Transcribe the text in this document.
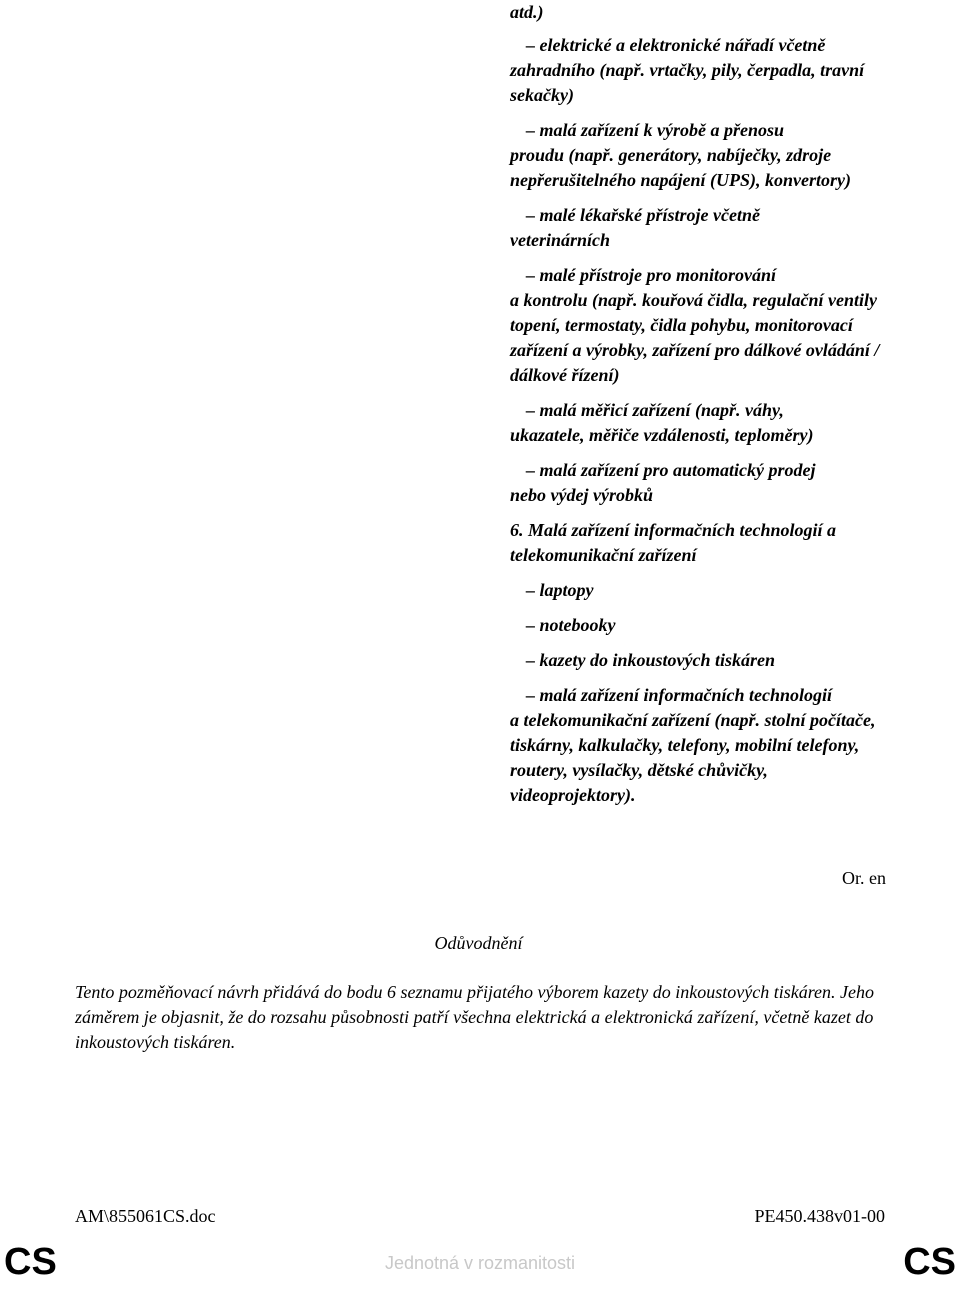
atd.)

– elektrické a elektronické nářadí včetně
zahradního (např. vrtačky, pily, čerpadla, travní sekačky)

– malá zařízení k výrobě a přenosu
proudu (např. generátory, nabíječky, zdroje nepřerušitelného napájení (UPS), konvertory)

– malé lékařské přístroje včetně
veterinárních

– malé přístroje pro monitorování
a kontrolu (např. kouřová čidla, regulační ventily topení, termostaty, čidla pohybu, monitorovací zařízení a výrobky, zařízení pro dálkové ovládání / dálkové řízení)

– malá měřicí zařízení (např. váhy,
ukazatele, měřiče vzdálenosti, teploměry)

– malá zařízení pro automatický prodej
nebo výdej výrobků

6. Malá zařízení informačních technologií a telekomunikační zařízení

– laptopy

– notebooky

– kazety do inkoustových tiskáren

– malá zařízení informačních technologií
a telekomunikační zařízení (např. stolní počítače, tiskárny, kalkulačky, telefony, mobilní telefony, routery, vysílačky, dětské chůvičky, videoprojektory).

Or. en
Odůvodnění

Tento pozměňovací návrh přidává do bodu 6 seznamu přijatého výborem kazety do inkoustových tiskáren. Jeho záměrem je objasnit, že do rozsahu působnosti patří všechna elektrická a elektronická zařízení, včetně kazet do inkoustových tiskáren.

AM\855061CS.doc	PE450.438v01-00
CS	Jednotná v rozmanitosti	CS
